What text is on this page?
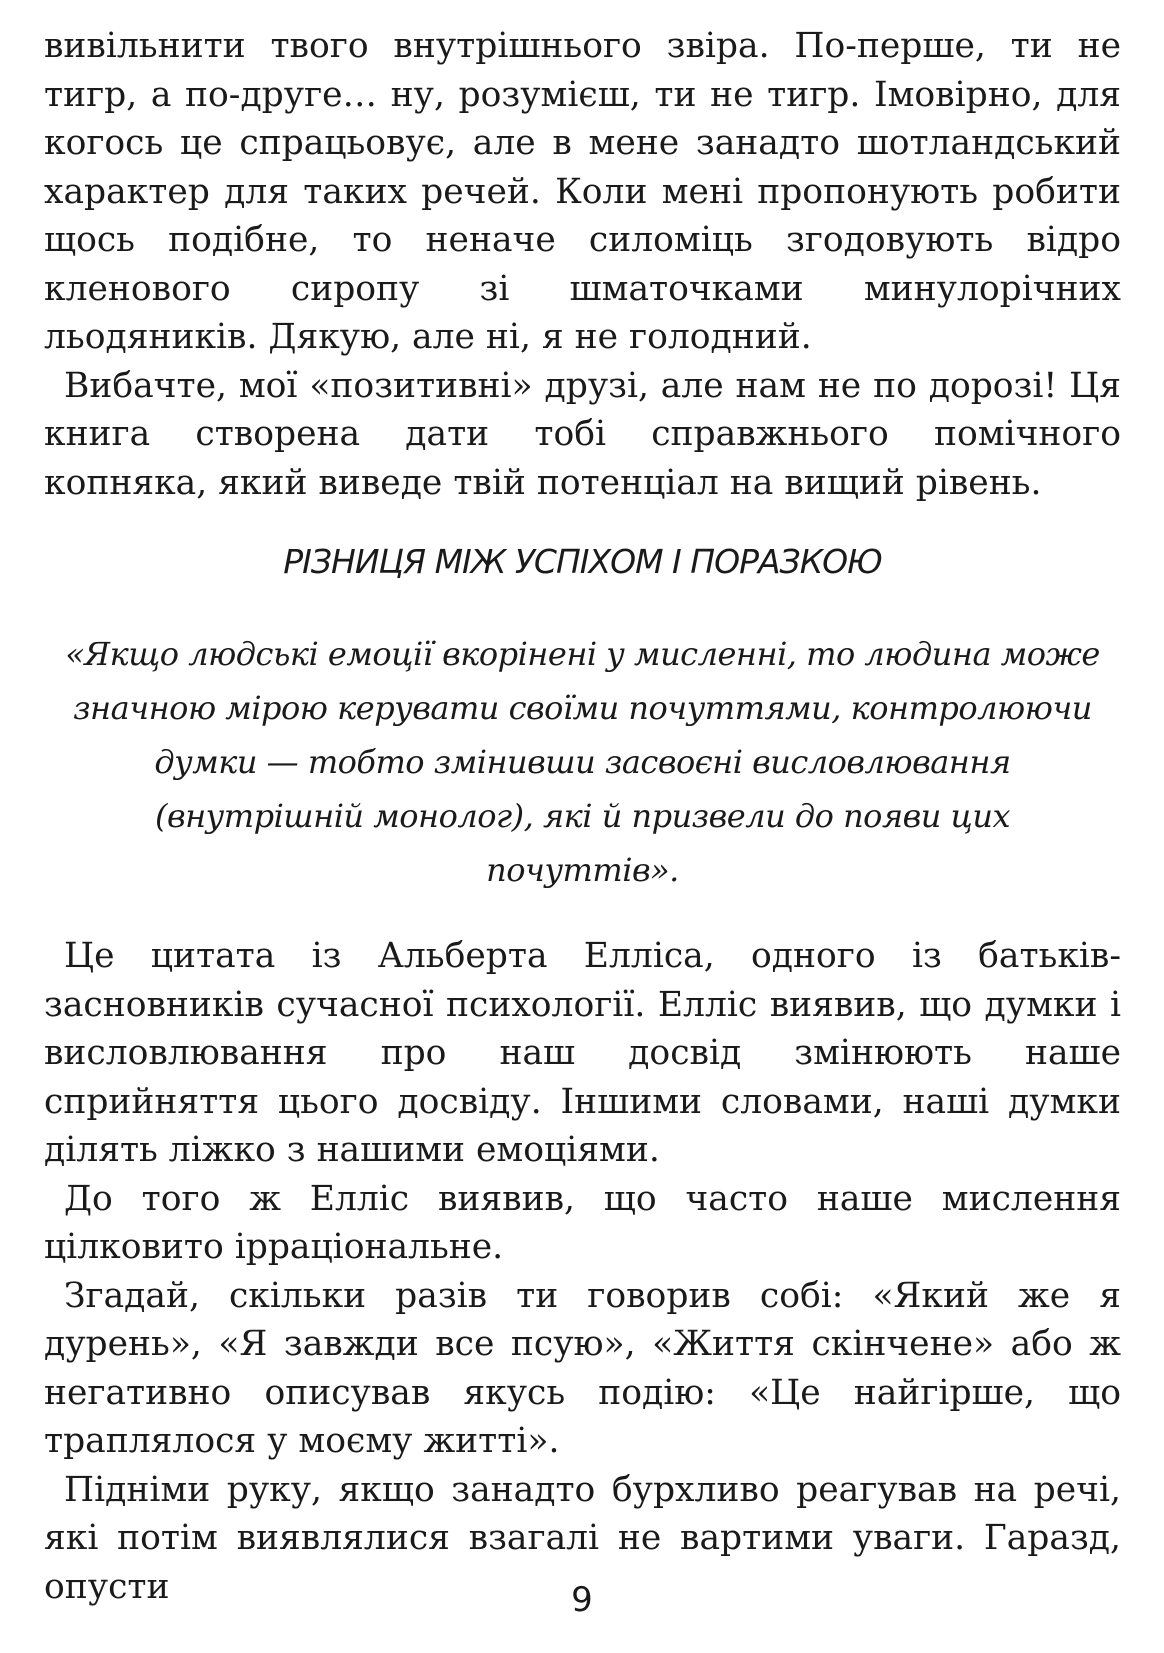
вивільнити твого внутрішнього звіра. По-перше, ти не тигр, а по-друге… ну, розумієш, ти не тигр. Імовірно, для когось це спрацьовує, але в мене занадто шотландський характер для таких речей. Коли мені пропонують робити щось подібне, то неначе силоміць згодовують відро кленового сиропу зі шматочками минулорічних льодяників. Дякую, але ні, я не голодний.

Вибачте, мої «позитивні» друзі, але нам не по дорозі! Ця книга створена дати тобі справжнього помічного копняка, який виведе твій потенціал на вищий рівень.

РІЗНИЦЯ МІЖ УСПІХОМ І ПОРАЗКОЮ
«Якщо людські емоції вкорінені у мисленні, то людина може
значною мірою керувати своїми почуттями, контролюючи
думки — тобто змінивши засвоєні висловлювання
(внутрішній монолог), які й призвели до появи цих
почуттів».

Це цитата із Альберта Елліса, одного із батьків-засновників сучасної психології. Елліс виявив, що думки і висловлювання про наш досвід змінюють наше сприйняття цього досвіду. Іншими словами, наші думки ділять ліжко з нашими емоціями.

До того ж Елліс виявив, що часто наше мислення цілковито ірраціональне.

Згадай, скільки разів ти говорив собі: «Який же я дурень», «Я завжди все псую», «Життя скінчене» або ж негативно описував якусь подію: «Це найгірше, що траплялося у моєму житті».

Підніми руку, якщо занадто бурхливо реагував на речі, які потім виявлялися взагалі не вартими уваги. Гаразд, опусти	9
